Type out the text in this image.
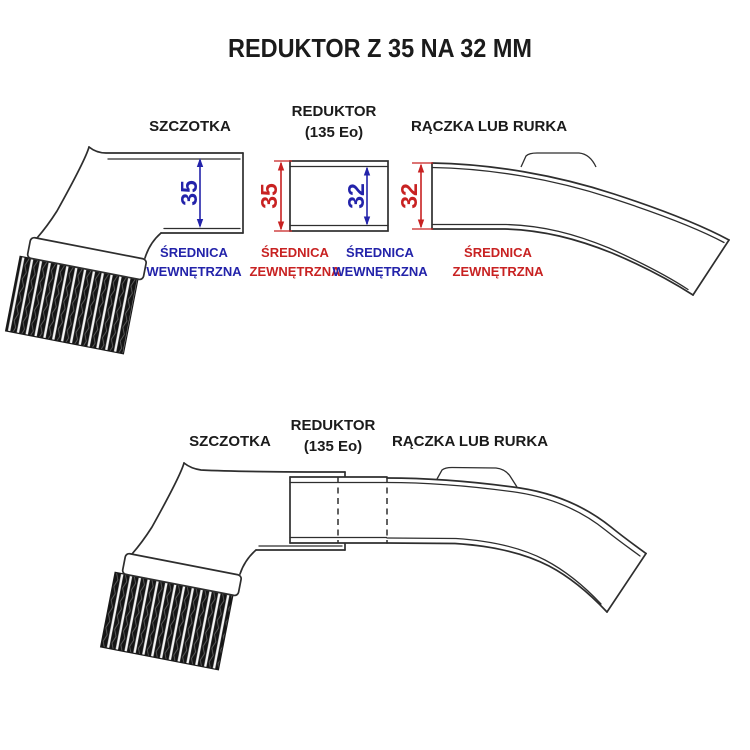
REDUKTOR Z 35 NA 32 MM
SZCZOTKA
REDUKTOR
(135 Eo)	RĄCZKA LUB RURKA
35 35	32 32
ŚREDNICA
WEWNĘTRZNA
ŚREDNICA
ZEWNĘTRZNA
ŚREDNICA
WEWNĘTRZNA
ŚREDNICA
ZEWNĘTRZNA
SZCZOTKA
REDUKTOR
(135 Eo) RĄCZKA LUB RURKA
